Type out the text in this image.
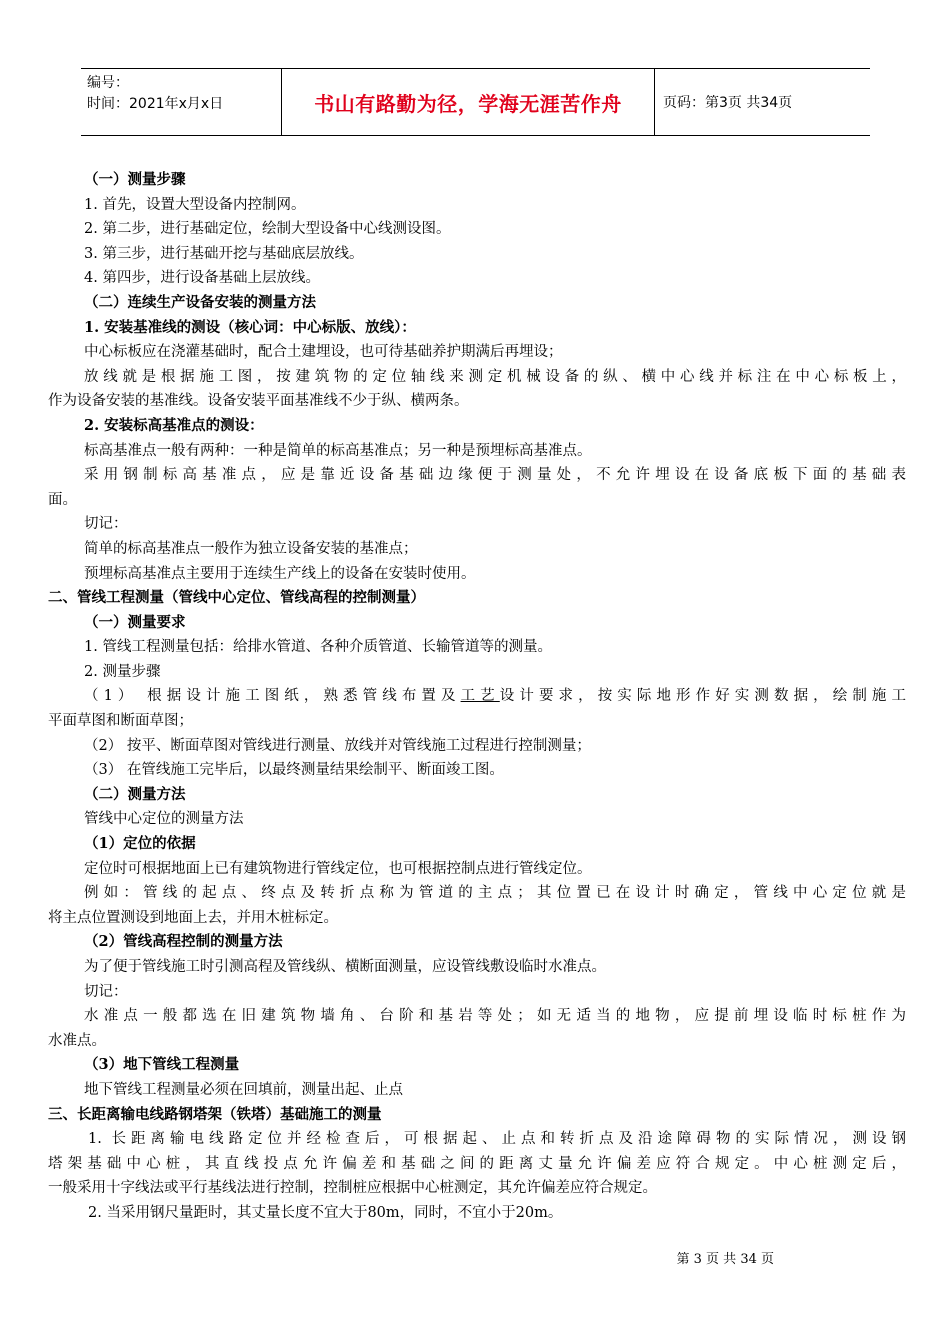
编号：
时间：2021年x月x日	书山有路勤为径，学海无涯苦作舟	页码：第3页 共34页
（一）测量步骤
1. 首先，设置大型设备内控制网。
2. 第二步，进行基础定位，绘制大型设备中心线测设图。
3. 第三步，进行基础开挖与基础底层放线。
4. 第四步，进行设备基础上层放线。
（二）连续生产设备安装的测量方法
1. 安装基准线的测设（核心词：中心标版、放线）：
中心标板应在浇灌基础时，配合土建埋设，也可待基础养护期满后再埋设；
放线就是根据施工图，按建筑物的定位轴线来测定机械设备的纵、横中心线并标注在中心标板上，
作为设备安装的基准线。设备安装平面基准线不少于纵、横两条。
2. 安装标高基准点的测设：
标高基准点一般有两种：一种是简单的标高基准点；另一种是预埋标高基准点。
采用钢制标高基准点，应是靠近设备基础边缘便于测量处，不允许埋设在设备底板下面的基础表
面。
切记：
简单的标高基准点一般作为独立设备安装的基准点；
预埋标高基准点主要用于连续生产线上的设备在安装时使用。
二、管线工程测量（管线中心定位、管线高程的控制测量）
（一）测量要求
1. 管线工程测量包括：给排水管道、各种介质管道、长输管道等的测量。
2. 测量步骤
（1） 根据设计施工图纸，熟悉管线布置及工艺设计要求，按实际地形作好实测数据，绘制施工
平面草图和断面草图；
（2） 按平、断面草图对管线进行测量、放线并对管线施工过程进行控制测量；
（3） 在管线施工完毕后，以最终测量结果绘制平、断面竣工图。
（二）测量方法
管线中心定位的测量方法
（1）定位的依据
定位时可根据地面上已有建筑物进行管线定位，也可根据控制点进行管线定位。
例如：管线的起点、终点及转折点称为管道的主点；其位置已在设计时确定，管线中心定位就是
将主点位置测设到地面上去，并用木桩标定。
（2）管线高程控制的测量方法
为了便于管线施工时引测高程及管线纵、横断面测量，应设管线敷设临时水准点。
切记：
水准点一般都选在旧建筑物墙角、台阶和基岩等处；如无适当的地物，应提前埋设临时标桩作为
水准点。
（3）地下管线工程测量
地下管线工程测量必须在回填前，测量出起、止点
三、长距离输电线路钢塔架（铁塔）基础施工的测量
1. 长距离输电线路定位并经检查后，可根据起、止点和转折点及沿途障碍物的实际情况，测设钢
塔架基础中心桩，其直线投点允许偏差和基础之间的距离丈量允许偏差应符合规定。中心桩测定后，
一般采用十字线法或平行基线法进行控制，控制桩应根据中心桩测定，其允许偏差应符合规定。
2. 当采用钢尺量距时，其丈量长度不宜大于80m，同时，不宜小于20m。
第 3 页 共 34 页
